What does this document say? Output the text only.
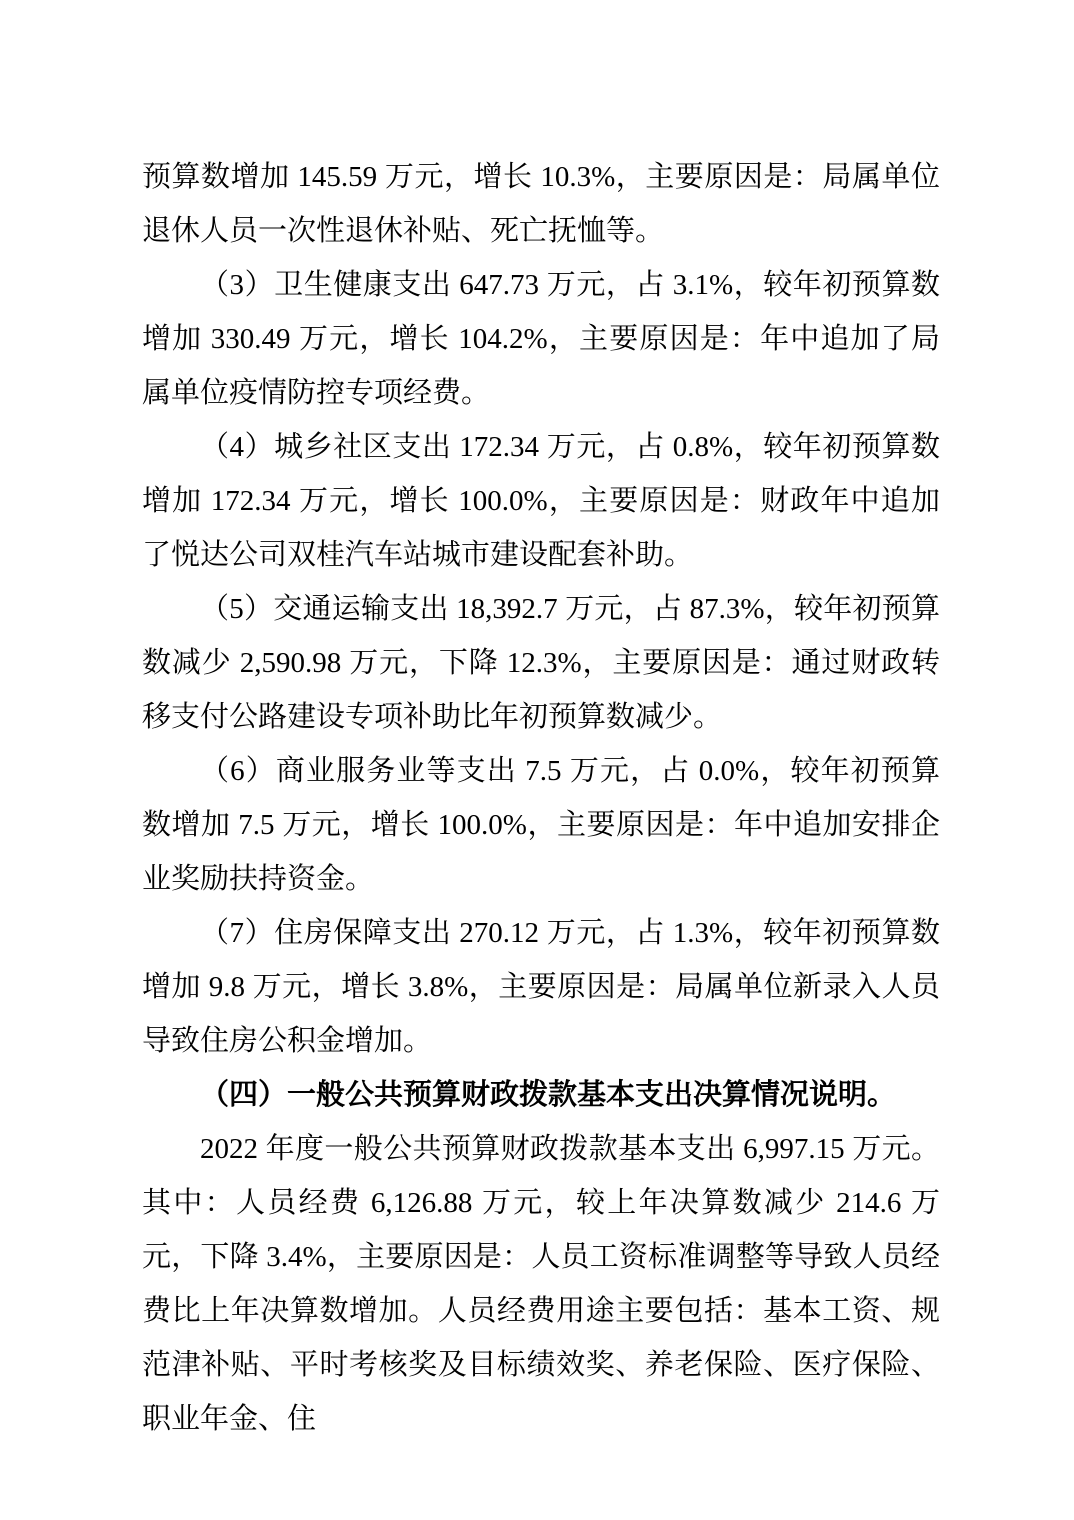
预算数增加 145.59 万元，增长 10.3%，主要原因是：局属单位退休人员一次性退休补贴、死亡抚恤等。

（3）卫生健康支出 647.73 万元，占 3.1%，较年初预算数增加 330.49 万元，增长 104.2%，主要原因是：年中追加了局属单位疫情防控专项经费。

（4）城乡社区支出 172.34 万元，占 0.8%，较年初预算数增加 172.34 万元，增长 100.0%，主要原因是：财政年中追加了悦达公司双桂汽车站城市建设配套补助。

（5）交通运输支出 18,392.7 万元，占 87.3%，较年初预算数减少 2,590.98 万元，下降 12.3%，主要原因是：通过财政转移支付公路建设专项补助比年初预算数减少。

（6）商业服务业等支出 7.5 万元，占 0.0%，较年初预算数增加 7.5 万元，增长 100.0%，主要原因是：年中追加安排企业奖励扶持资金。

（7）住房保障支出 270.12 万元，占 1.3%，较年初预算数增加 9.8 万元，增长 3.8%，主要原因是：局属单位新录入人员导致住房公积金增加。

（四）一般公共预算财政拨款基本支出决算情况说明。

2022 年度一般公共预算财政拨款基本支出 6,997.15 万元。其中：人员经费 6,126.88 万元，较上年决算数减少 214.6 万元，下降 3.4%，主要原因是：人员工资标准调整等导致人员经费比上年决算数增加。人员经费用途主要包括：基本工资、规范津补贴、平时考核奖及目标绩效奖、养老保险、医疗保险、职业年金、住
